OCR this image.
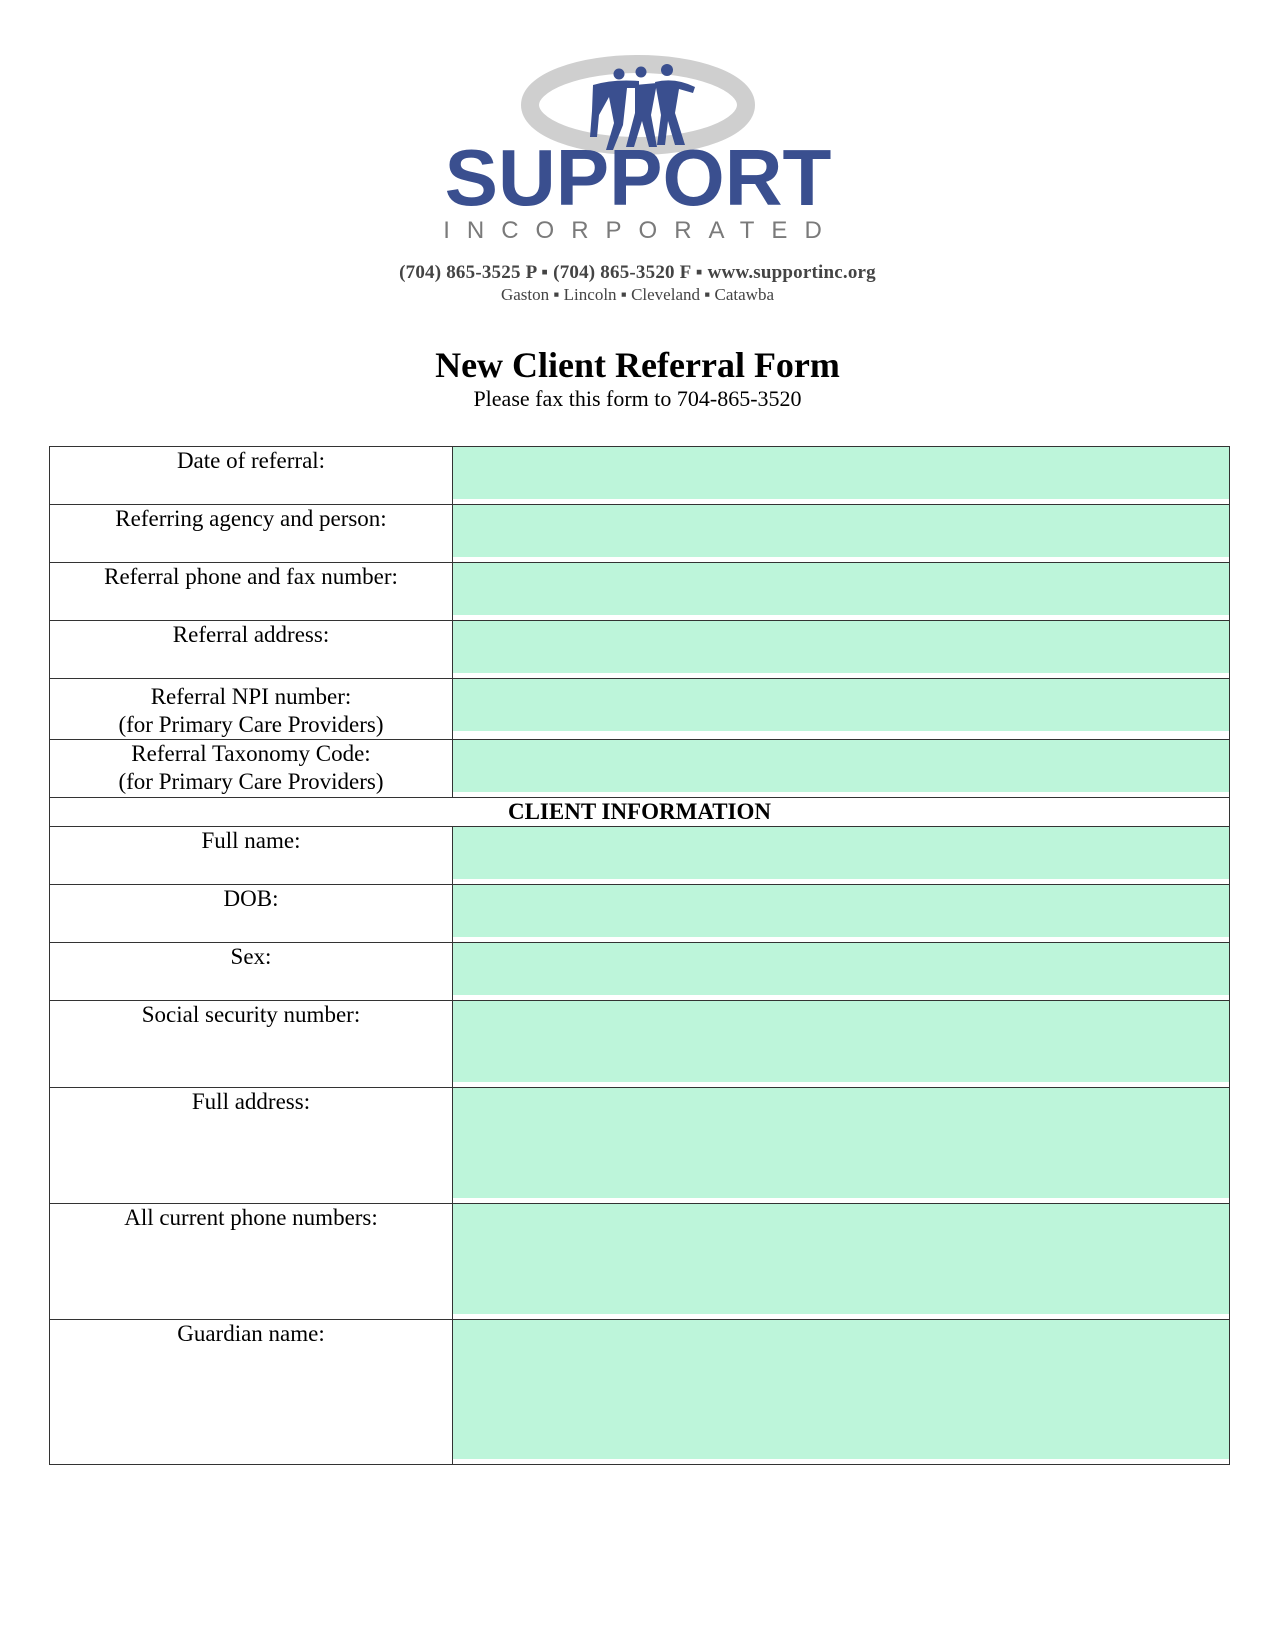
SUPPORT
INCORPORATED
(704) 865-3525 P ▪ (704) 865-3520 F ▪ www.supportinc.org
Gaston ▪ Lincoln ▪ Cleveland ▪ Catawba
New Client Referral Form
Please fax this form to 704-865-3520
Date of referral:	

Referring agency and person:	

Referral phone and fax number:	

Referral address:	

Referral NPI number:
(for Primary Care Providers)	

Referral Taxonomy Code:
(for Primary Care Providers)	

CLIENT INFORMATION	
Full name:	

DOB:	

Sex:	

Social security number:	

Full address:	

All current phone numbers:	

Guardian name:	
